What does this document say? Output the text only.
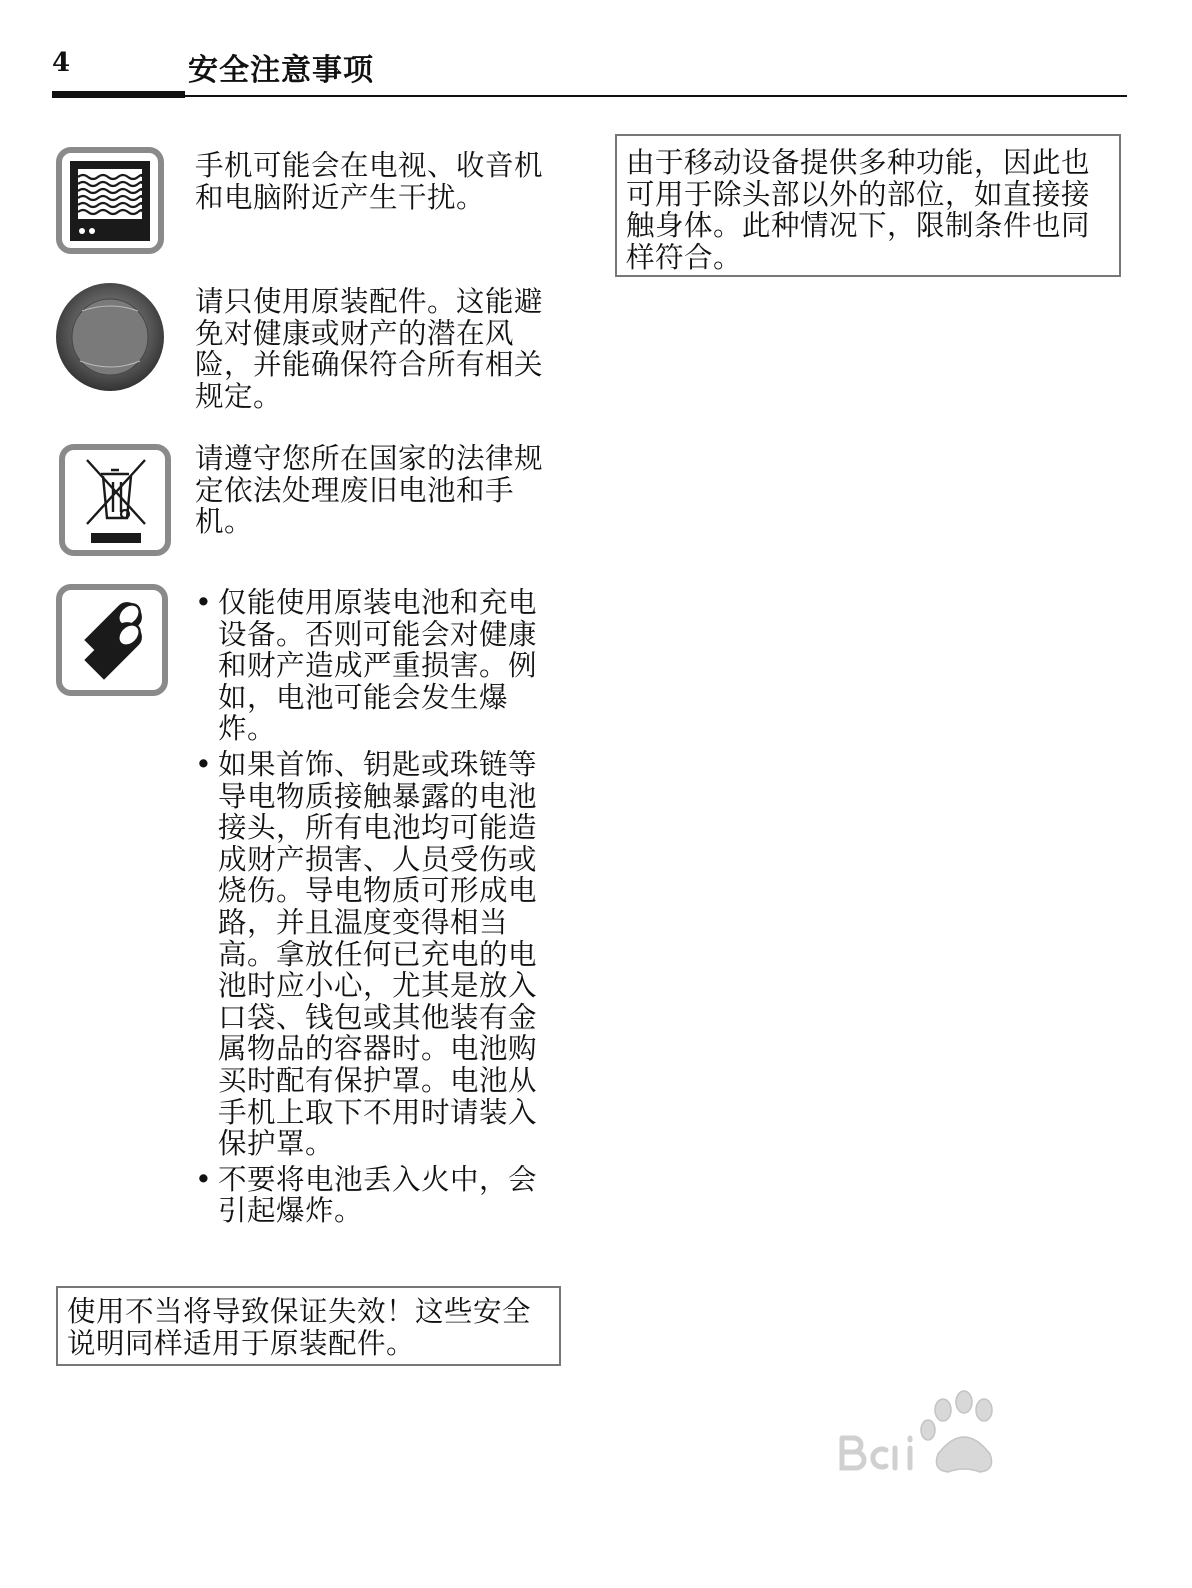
4	安全注意事项

手机可能会在电视、收音机和电脑附近产生干扰。

请只使用原装配件。这能避免对健康或财产的潜在风险，并能确保符合所有相关规定。

请遵守您所在国家的法律规定依法处理废旧电池和手机。

• 仅能使用原装电池和充电设备。否则可能会对健康和财产造成严重损害。例如，电池可能会发生爆炸。
• 如果首饰、钥匙或珠链等导电物质接触暴露的电池接头，所有电池均可能造成财产损害、人员受伤或烧伤。导电物质可形成电路，并且温度变得相当高。拿放任何已充电的电池时应小心，尤其是放入口袋、钱包或其他装有金属物品的容器时。电池购买时配有保护罩。电池从手机上取下不用时请装入保护罩。
• 不要将电池丢入火中，会引起爆炸。
使用不当将导致保证失效！这些安全说明同样适用于原装配件。
由于移动设备提供多种功能，因此也可用于除头部以外的部位，如直接接触身体。此种情况下，限制条件也同样符合。
